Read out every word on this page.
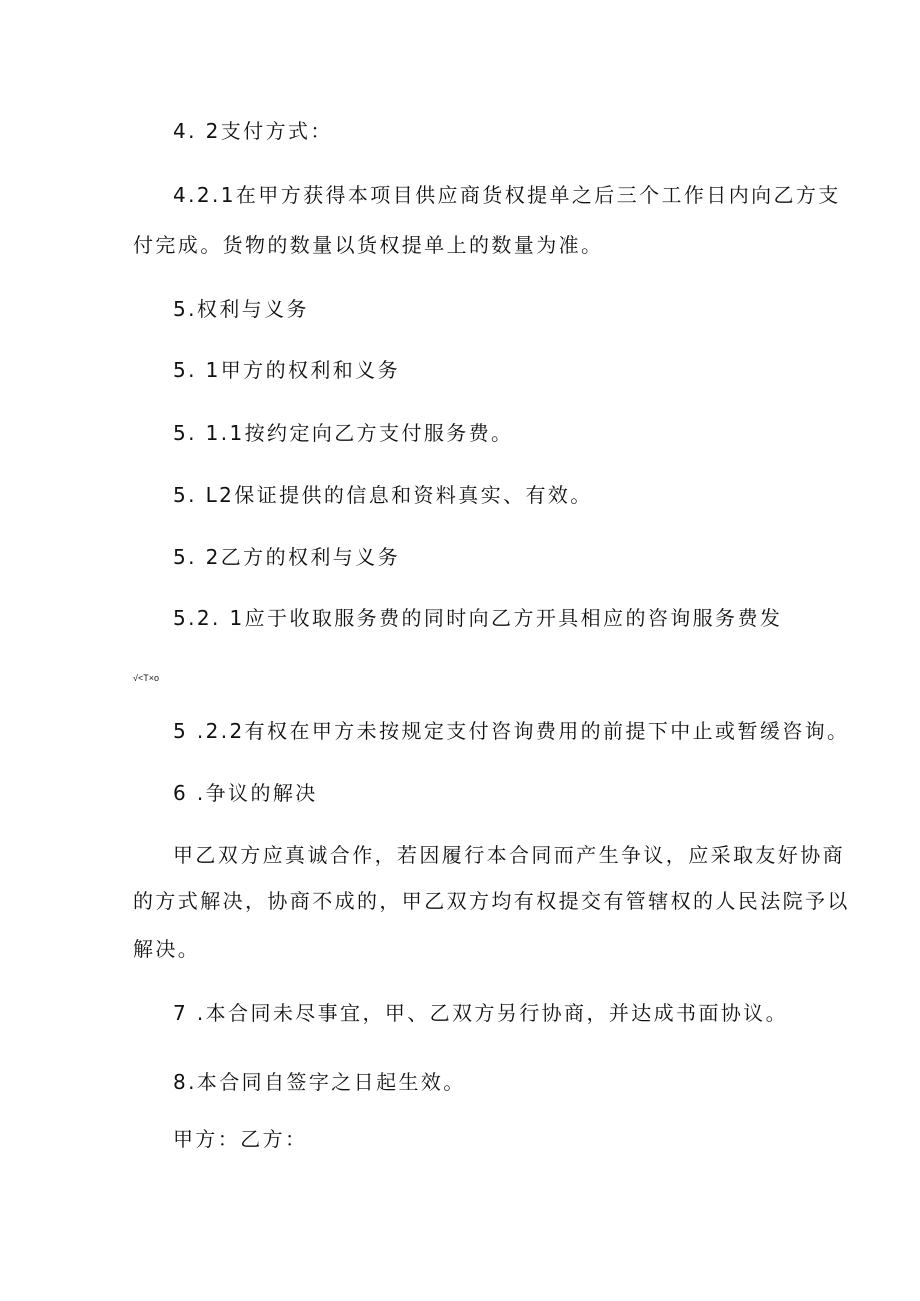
4. 2支付方式：
4.2.1在甲方获得本项目供应商货权提单之后三个工作日内向乙方支
付完成。货物的数量以货权提单上的数量为准。
5.权利与义务
5. 1甲方的权利和义务
5. 1.1按约定向乙方支付服务费。
5. L2保证提供的信息和资料真实、有效。
5. 2乙方的权利与义务
5.2. 1应于收取服务费的同时向乙方开具相应的咨询服务费发
√<T×o
5 .2.2有权在甲方未按规定支付咨询费用的前提下中止或暂缓咨询。
6 .争议的解决
甲乙双方应真诚合作，若因履行本合同而产生争议，应采取友好协商
的方式解决，协商不成的，甲乙双方均有权提交有管辖权的人民法院予以
解决。
7 .本合同未尽事宜，甲、乙双方另行协商，并达成书面协议。
8.本合同自签字之日起生效。
甲方：乙方：
